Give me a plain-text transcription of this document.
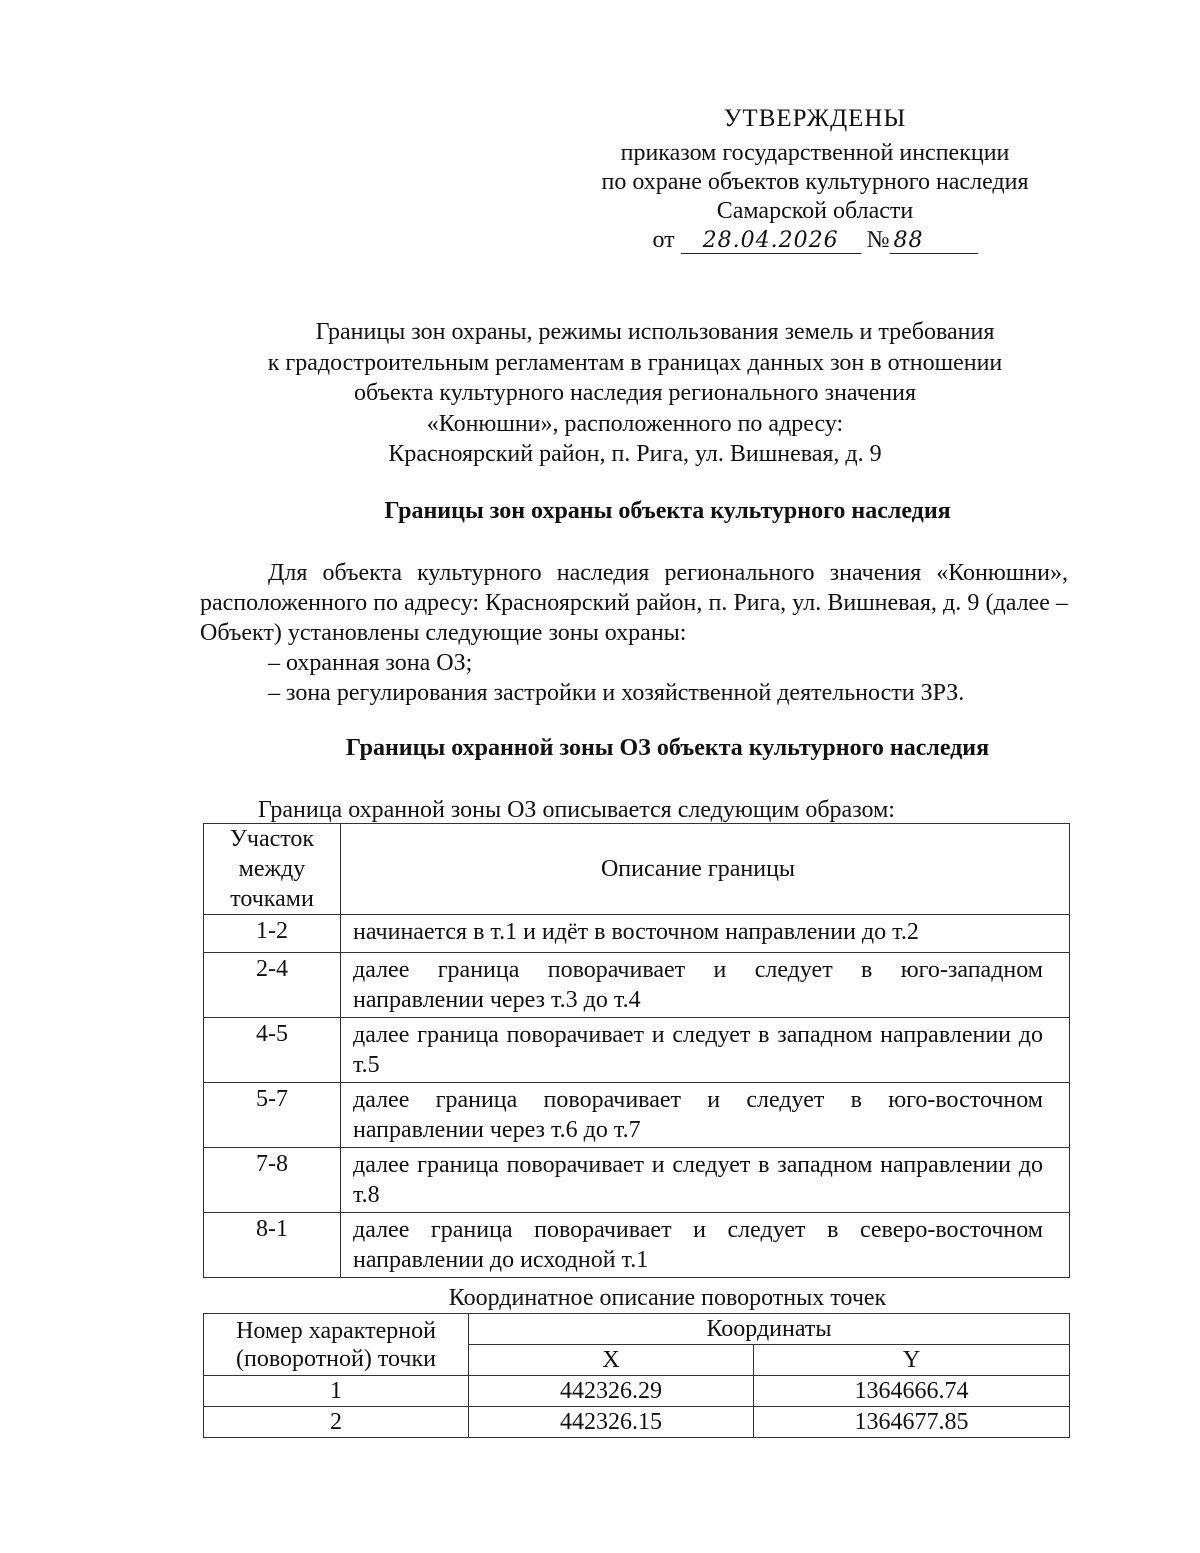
УТВЕРЖДЕНЫ
приказом государственной инспекции
по охране объектов культурного наследия
Самарской области
от 28.04.2026 № 88
Границы зон охраны, режимы использования земель и требования
к градостроительным регламентам в границах данных зон в отношении
объекта культурного наследия регионального значения
«Конюшни», расположенного по адресу:
Красноярский район, п. Рига, ул. Вишневая, д. 9
Границы зон охраны объекта культурного наследия
Для объекта культурного наследия регионального значения «Конюшни», расположенного по адресу: Красноярский район, п. Рига, ул. Вишневая, д. 9 (далее – Объект) установлены следующие зоны охраны:
– охранная зона ОЗ;
– зона регулирования застройки и хозяйственной деятельности ЗРЗ.
Границы охранной зоны ОЗ объекта культурного наследия
Граница охранной зоны ОЗ описывается следующим образом:
Участок между точками	Описание границы
1-2	начинается в т.1 и идёт в восточном направлении до т.2
2-4	далее граница поворачивает и следует в юго-западном направлении через т.3 до т.4
4-5	далее граница поворачивает и следует в западном направлении до т.5
5-7	далее граница поворачивает и следует в юго-восточном направлении через т.6 до т.7
7-8	далее граница поворачивает и следует в западном направлении до т.8
8-1	далее граница поворачивает и следует в северо-восточном направлении до исходной т.1
Координатное описание поворотных точек
Номер характерной (поворотной) точки	Координаты	
	X	Y
1	442326.29	1364666.74
2	442326.15	1364677.85
